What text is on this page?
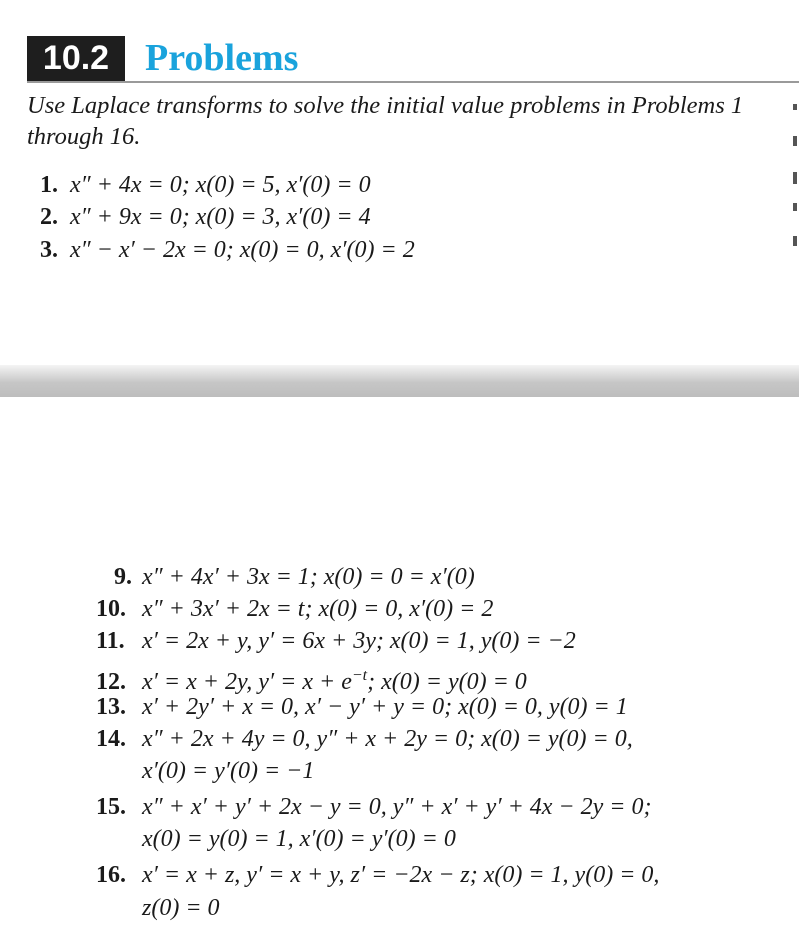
10.2 Problems
Use Laplace transforms to solve the initial value problems in Problems 1 through 16.
1. x″ + 4x = 0; x(0) = 5, x′(0) = 0
2. x″ + 9x = 0; x(0) = 3, x′(0) = 4
3. x″ − x′ − 2x = 0; x(0) = 0, x′(0) = 2
9. x″ + 4x′ + 3x = 1; x(0) = 0 = x′(0)
10. x″ + 3x′ + 2x = t; x(0) = 0, x′(0) = 2
11. x′ = 2x + y, y′ = 6x + 3y; x(0) = 1, y(0) = −2
12. x′ = x + 2y, $y' = x + e^{-t}$; x(0) = y(0) = 0
13. x′ + 2y′ + x = 0, x′ − y′ + y = 0; x(0) = 0, y(0) = 1
14. x″ + 2x + 4y = 0, y″ + x + 2y = 0; x(0) = y(0) = 0,
x′(0) = y′(0) = −1
15. x″ + x′ + y′ + 2x − y = 0, y″ + x′ + y′ + 4x − 2y = 0;
x(0) = y(0) = 1, x′(0) = y′(0) = 0
16. x′ = x + z, y′ = x + y, z′ = −2x − z; x(0) = 1, y(0) = 0,
z(0) = 0
